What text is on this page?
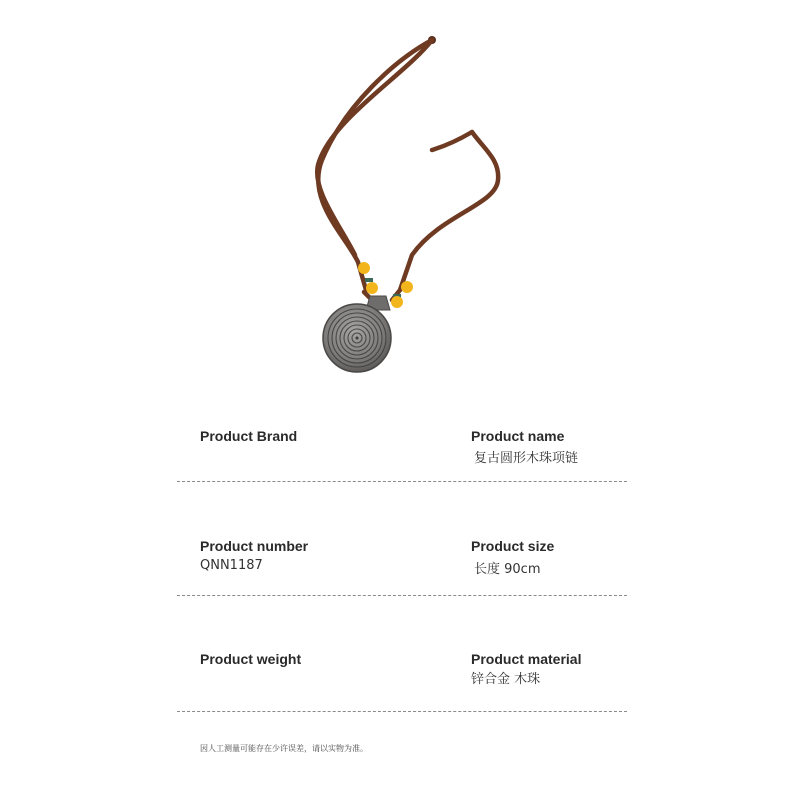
Product Brand	Product name
复古圆形木珠项链
Product number
QNN1187
Product size
长度 90cm
Product weight	Product material
锌合金 木珠
因人工测量可能存在少许误差，请以实物为准。
